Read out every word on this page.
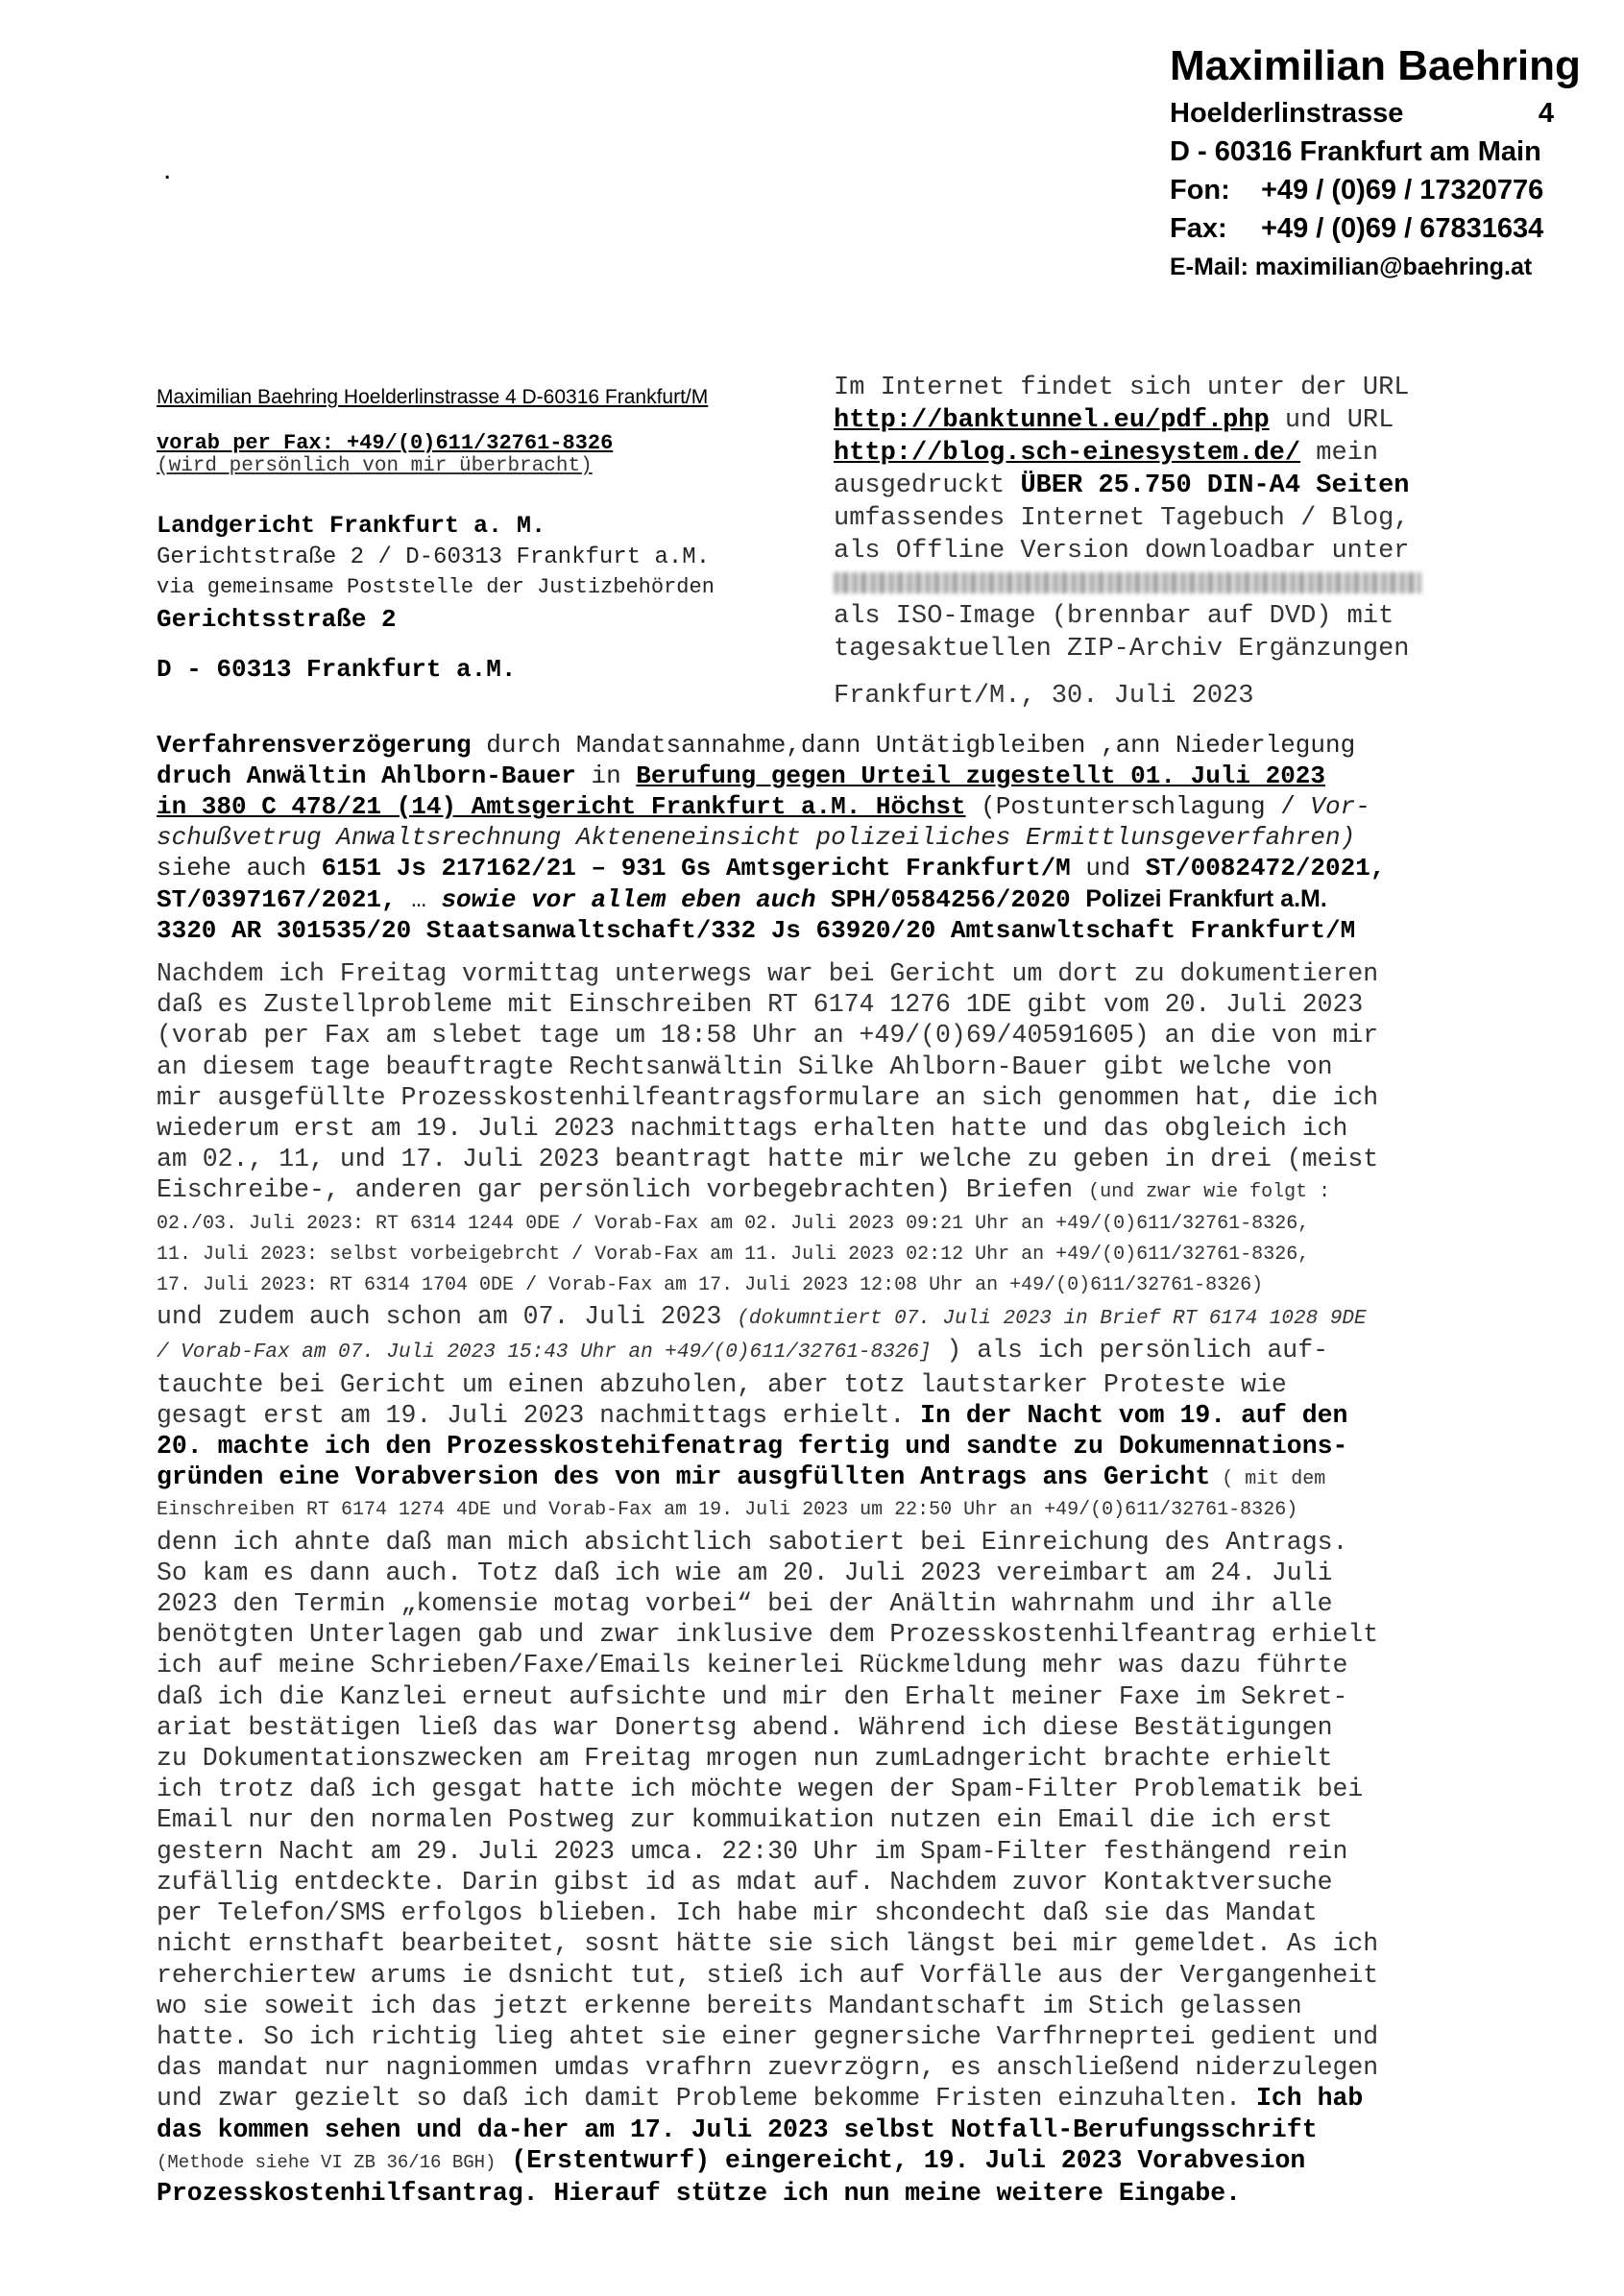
Maximilian Baehring
Hoelderlinstrasse	4
D - 60316 Frankfurt am Main
Fon:	+49 / (0)69 / 17320776
Fax:	+49 / (0)69 / 67831634
E-Mail: maximilian@baehring.at
.
Maximilian Baehring Hoelderlinstrasse 4 D-60316 Frankfurt/M
vorab per Fax: +49/(0)611/32761-8326
(wird persönlich von mir überbracht)
Landgericht Frankfurt a. M.
Gerichtstraße 2 / D-60313 Frankfurt a.M.
via gemeinsame Poststelle der Justizbehörden
Gerichtsstraße 2
D - 60313 Frankfurt a.M.
Im Internet findet sich unter der URL
http://banktunnel.eu/pdf.php und URL
http://blog.sch-einesystem.de/ mein
ausgedruckt ÜBER 25.750 DIN-A4 Seiten
umfassendes Internet Tagebuch / Blog,
als Offline Version downloadbar unter
als ISO-Image (brennbar auf DVD) mit
tagesaktuellen ZIP-Archiv Ergänzungen
Frankfurt/M., 30. Juli 2023
Verfahrensverzögerung durch Mandatsannahme,dann Untätigbleiben ,ann Niederlegung
druch Anwältin Ahlborn-Bauer in Berufung gegen Urteil zugestellt 01. Juli 2023
in 380 C 478/21 (14) Amtsgericht Frankfurt a.M. Höchst (Postunterschlagung / Vor-
schußvetrug Anwaltsrechnung Akteneneinsicht polizeiliches Ermittlunsgeverfahren)
siehe auch 6151 Js 217162/21 – 931 Gs Amtsgericht Frankfurt/M und ST/0082472/2021,
ST/0397167/2021, … sowie vor allem eben auch SPH/0584256/2020 Polizei Frankfurt a.M.
3320 AR 301535/20 Staatsanwaltschaft/332 Js 63920/20 Amtsanwltschaft Frankfurt/M
Nachdem ich Freitag vormittag unterwegs war bei Gericht um dort zu dokumentieren
daß es Zustellprobleme mit Einschreiben RT 6174 1276 1DE gibt vom 20. Juli 2023
(vorab per Fax am slebet tage um 18:58 Uhr an +49/(0)69/40591605) an die von mir
an diesem tage beauftragte Rechtsanwältin Silke Ahlborn-Bauer gibt welche von
mir ausgefüllte Prozesskostenhilfeantragsformulare an sich genommen hat, die ich
wiederum erst am 19. Juli 2023 nachmittags erhalten hatte und das obgleich ich
am 02., 11, und 17. Juli 2023 beantragt hatte mir welche zu geben in drei (meist
Eischreibe-, anderen gar persönlich vorbegebrachten) Briefen (und zwar wie folgt :
02./03. Juli 2023: RT 6314 1244 0DE / Vorab-Fax am 02. Juli 2023 09:21 Uhr an +49/(0)611/32761-8326,
11. Juli 2023: selbst vorbeigebrcht / Vorab-Fax am 11. Juli 2023 02:12 Uhr an +49/(0)611/32761-8326,
17. Juli 2023: RT 6314 1704 0DE / Vorab-Fax am 17. Juli 2023 12:08 Uhr an +49/(0)611/32761-8326)
und zudem auch schon am 07. Juli 2023 (dokumntiert 07. Juli 2023 in Brief RT 6174 1028 9DE
/ Vorab-Fax am 07. Juli 2023 15:43 Uhr an +49/(0)611/32761-8326] ) als ich persönlich auf-
tauchte bei Gericht um einen abzuholen, aber totz lautstarker Proteste wie
gesagt erst am 19. Juli 2023 nachmittags erhielt. In der Nacht vom 19. auf den
20. machte ich den Prozesskostehifenatrag fertig und sandte zu Dokumennations-
gründen eine Vorabversion des von mir ausgfüllten Antrags ans Gericht ( mit dem
Einschreiben RT 6174 1274 4DE und Vorab-Fax am 19. Juli 2023 um 22:50 Uhr an +49/(0)611/32761-8326)
denn ich ahnte daß man mich absichtlich sabotiert bei Einreichung des Antrags.
So kam es dann auch. Totz daß ich wie am 20. Juli 2023 vereimbart am 24. Juli
2023 den Termin „komensie motag vorbei“ bei der Anältin wahrnahm und ihr alle
benötgten Unterlagen gab und zwar inklusive dem Prozesskostenhilfeantrag erhielt
ich auf meine Schrieben/Faxe/Emails keinerlei Rückmeldung mehr was dazu führte
daß ich die Kanzlei erneut aufsichte und mir den Erhalt meiner Faxe im Sekret-
ariat bestätigen ließ das war Donertsg abend. Während ich diese Bestätigungen
zu Dokumentationszwecken am Freitag mrogen nun zumLadngericht brachte erhielt
ich trotz daß ich gesgat hatte ich möchte wegen der Spam-Filter Problematik bei
Email nur den normalen Postweg zur kommuikation nutzen ein Email die ich erst
gestern Nacht am 29. Juli 2023 umca. 22:30 Uhr im Spam-Filter festhängend rein
zufällig entdeckte. Darin gibst id as mdat auf. Nachdem zuvor Kontaktversuche
per Telefon/SMS erfolgos blieben. Ich habe mir shcondecht daß sie das Mandat
nicht ernsthaft bearbeitet, sosnt hätte sie sich längst bei mir gemeldet. As ich
reherchiertew arums ie dsnicht tut, stieß ich auf Vorfälle aus der Vergangenheit
wo sie soweit ich das jetzt erkenne bereits Mandantschaft im Stich gelassen
hatte. So ich richtig lieg ahtet sie einer gegnersiche Varfhrneprtei gedient und
das mandat nur nagniommen umdas vrafhrn zuevrzögrn, es anschließend niderzulegen
und zwar gezielt so daß ich damit Probleme bekomme Fristen einzuhalten. Ich hab
das kommen sehen und da-her am 17. Juli 2023 selbst Notfall-Berufungsschrift
(Methode siehe VI ZB 36/16 BGH) (Erstentwurf) eingereicht, 19. Juli 2023 Vorabvesion
Prozesskostenhilfsantrag. Hierauf stütze ich nun meine weitere Eingabe.
